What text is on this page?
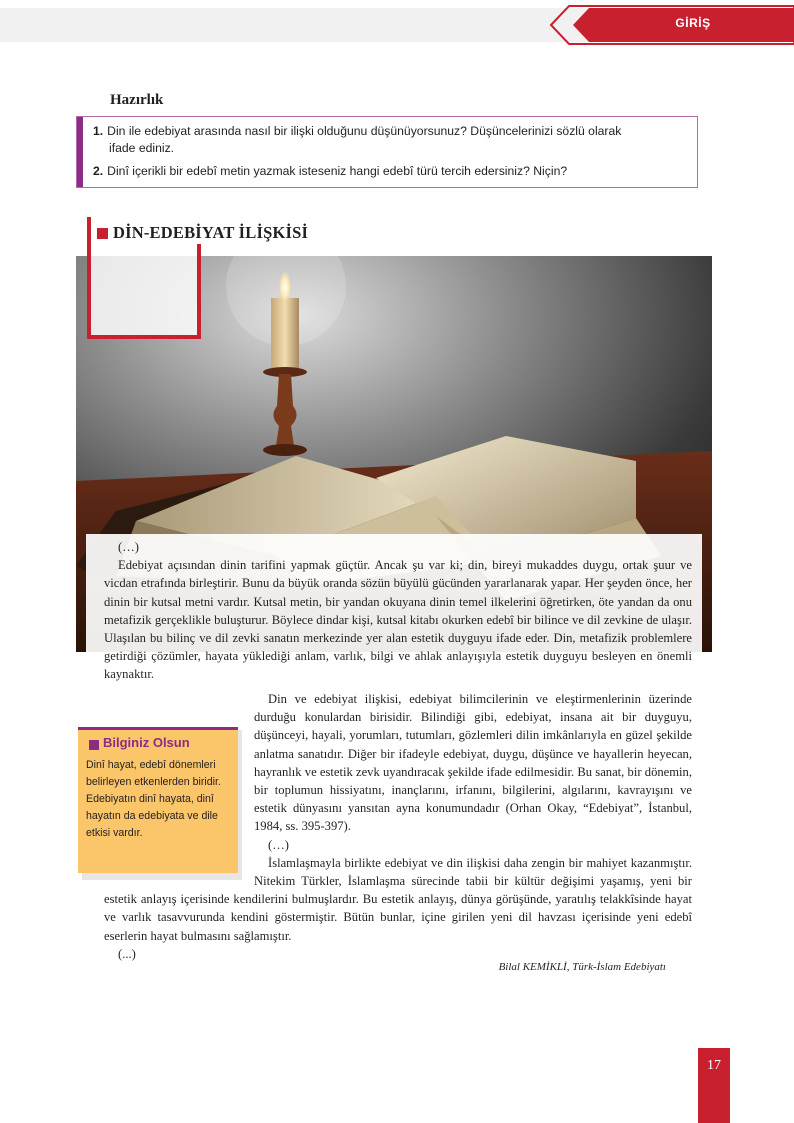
GİRİŞ
Hazırlık
1. Din ile edebiyat arasında nasıl bir ilişki olduğunu düşünüyorsunuz? Düşüncelerinizi sözlü olarak
ifade ediniz.
2. Dinî içerikli bir edebî metin yazmak isteseniz hangi edebî türü tercih edersiniz? Niçin?
DİN-EDEBİYAT İLİŞKİSİ

(…)

Edebiyat açısından dinin tarifini yapmak güçtür. Ancak şu var ki; din, bireyi mukaddes duygu, ortak şuur ve vicdan etrafında birleştirir. Bunu da büyük oranda sözün büyülü gücünden yararlanarak yapar. Her şeyden önce, her dinin bir kutsal metni vardır. Kutsal metin, bir yandan okuyana dinin temel ilkelerini öğretirken, öte yandan da onu metafizik gerçeklikle buluşturur. Böylece dindar kişi, kutsal kitabı okurken edebî bir bilince ve dil zevkine de ulaşır. Ulaşılan bu bilinç ve dil zevki sanatın merkezinde yer alan estetik duyguyu ifade eder. Din, metafizik problemlere getirdiği çözümler, hayata yüklediği anlam, varlık, bilgi ve ahlak anlayışıyla estetik duyguyu besleyen en önemli kaynaktır.

Bilginiz Olsun
Dinî hayat, edebî dönemleri belirleyen etkenlerden biridir. Edebiyatın dinî hayata, dinî hayatın da edebiyata ve dile etkisi vardır.

Din ve edebiyat ilişkisi, edebiyat bilimcilerinin ve eleştirmenlerinin üzerinde durduğu konulardan birisidir. Bilindiği gibi, edebiyat, insana ait bir duyguyu, düşünceyi, hayali, yorumları, tutumları, gözlemleri dilin imkânlarıyla en güzel şekilde anlatma sanatıdır. Diğer bir ifadeyle edebiyat, duygu, düşünce ve hayallerin heyecan, hayranlık ve estetik zevk uyandıracak şekilde ifade edilmesidir. Bu sanat, bir dönemin, bir toplumun hissiyatını, inançlarını, irfanını, bilgilerini, algılarını, kavrayışını ve estetik dünyasını yansıtan ayna konumundadır (Orhan Okay, “Edebiyat”, İstanbul, 1984, ss. 395-397).

(…)

İslamlaşmayla birlikte edebiyat ve din ilişkisi daha zengin bir mahiyet kazanmıştır. Nitekim Türkler, İslamlaşma sürecinde tabii bir kültür değişimi yaşamış, yeni bir estetik anlayış içerisinde kendilerini bulmuşlardır. Bu estetik anlayış, dünya görüşünde, yaratılış telakkîsinde hayat ve varlık tasavvurunda kendini göstermiştir. Bütün bunlar, içine girilen yeni dil havzası içerisinde yeni edebî eserlerin hayat bulmasını sağlamıştır.

(...)

Bilal KEMİKLİ, Türk-İslam Edebiyatı
17
